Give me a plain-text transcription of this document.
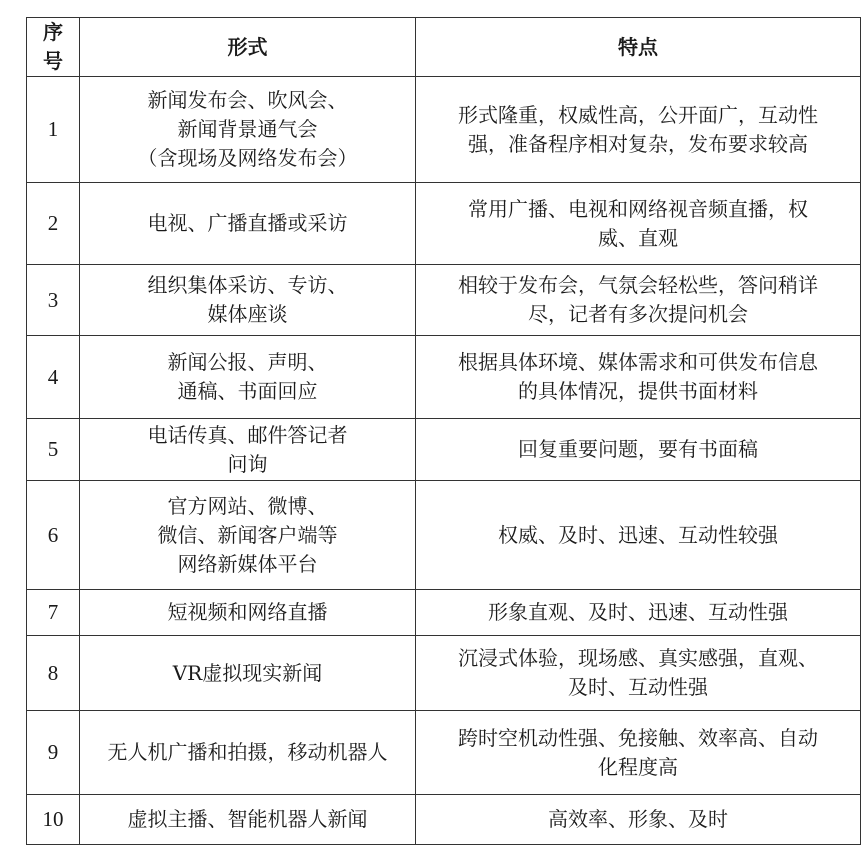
序号	形式	特点
1	新闻发布会、吹风会、
新闻背景通气会
（含现场及网络发布会）	形式隆重，权威性高，公开面广，互动性
强，准备程序相对复杂，发布要求较高
2	电视、广播直播或采访	常用广播、电视和网络视音频直播，权
威、直观
3	组织集体采访、专访、
媒体座谈	相较于发布会，气氛会轻松些，答问稍详
尽，记者有多次提问机会
4	新闻公报、声明、
通稿、书面回应	根据具体环境、媒体需求和可供发布信息
的具体情况，提供书面材料
5	电话传真、邮件答记者
问询	回复重要问题，要有书面稿
6	官方网站、微博、
微信、新闻客户端等
网络新媒体平台	权威、及时、迅速、互动性较强
7	短视频和网络直播	形象直观、及时、迅速、互动性强
8	VR虚拟现实新闻	沉浸式体验，现场感、真实感强，直观、
及时、互动性强
9	无人机广播和拍摄，移动机器人	跨时空机动性强、免接触、效率高、自动
化程度高
10	虚拟主播、智能机器人新闻	高效率、形象、及时
